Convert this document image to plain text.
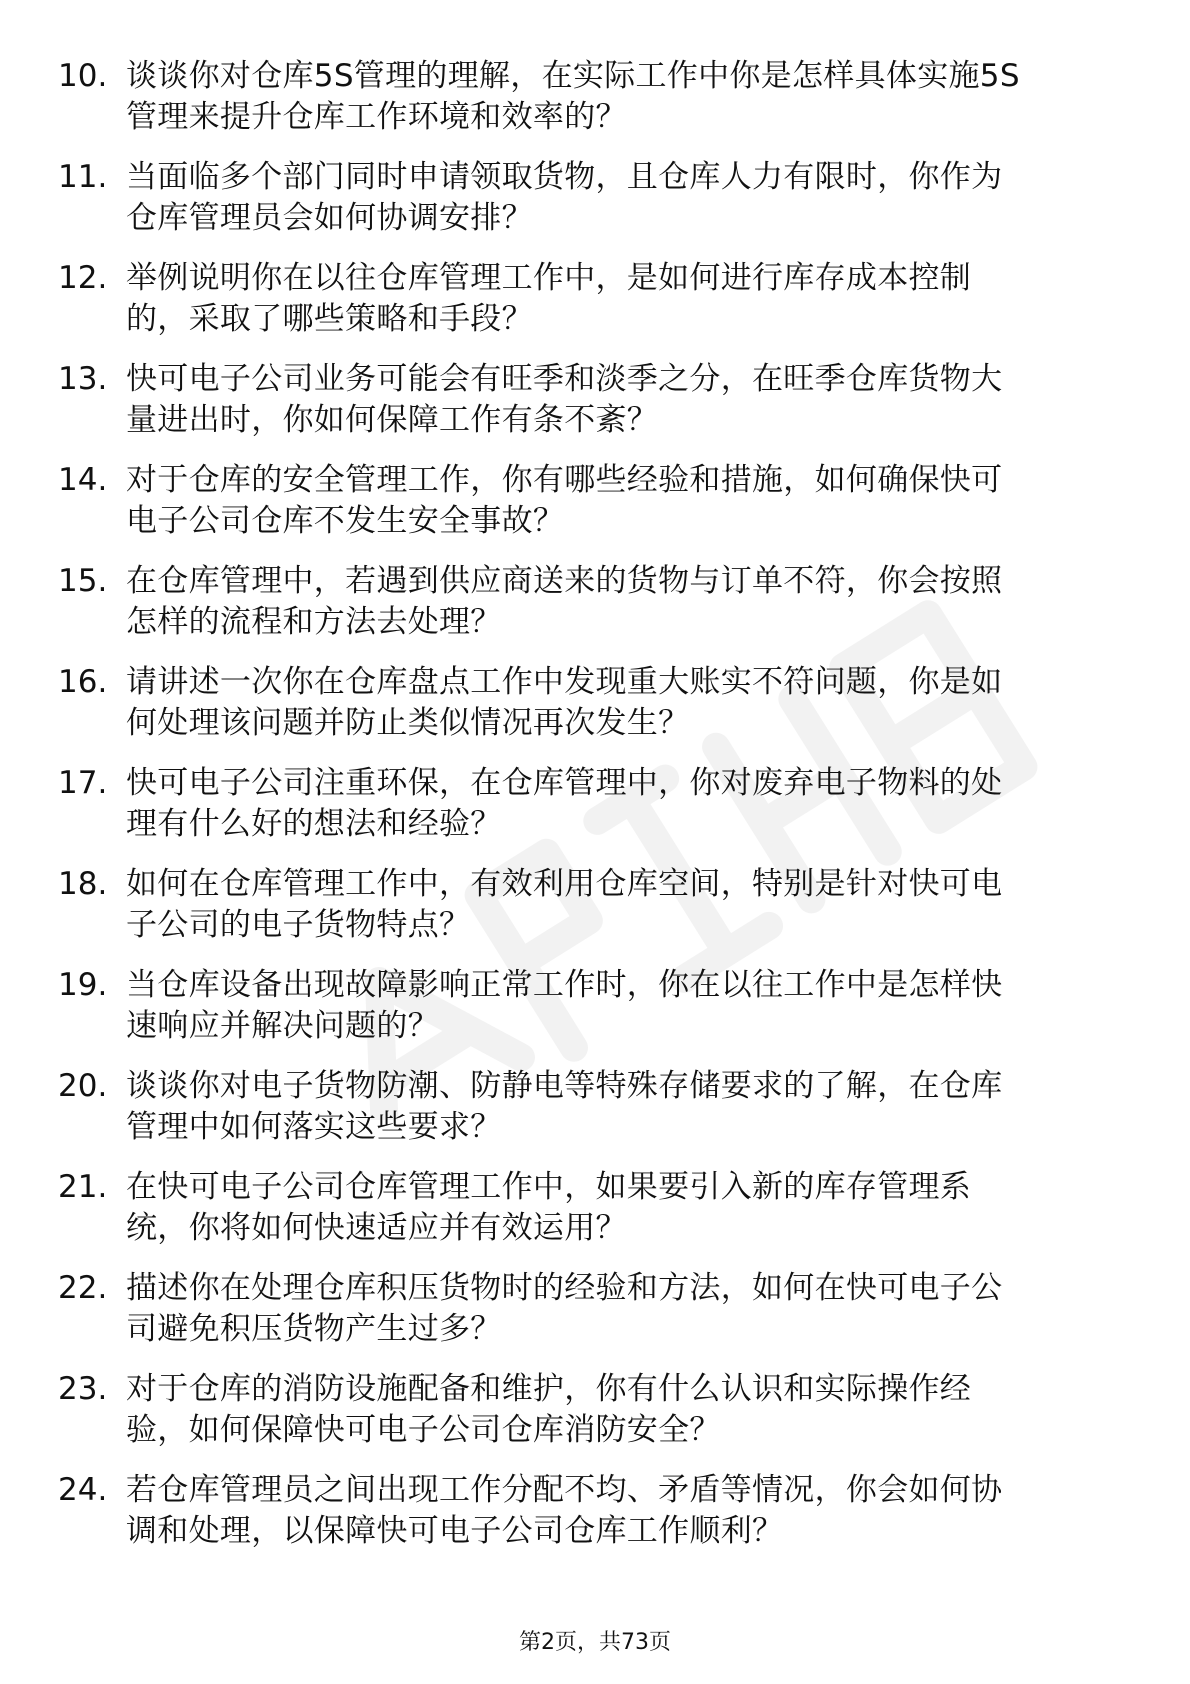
10. 谈谈你对仓库5S管理的理解，在实际工作中你是怎样具体实施5S
管理来提升仓库工作环境和效率的？
11. 当面临多个部门同时申请领取货物，且仓库人力有限时，你作为
仓库管理员会如何协调安排？
12. 举例说明你在以往仓库管理工作中，是如何进行库存成本控制
的，采取了哪些策略和手段？
13. 快可电子公司业务可能会有旺季和淡季之分，在旺季仓库货物大
量进出时，你如何保障工作有条不紊？
14. 对于仓库的安全管理工作，你有哪些经验和措施，如何确保快可
电子公司仓库不发生安全事故？
15. 在仓库管理中，若遇到供应商送来的货物与订单不符，你会按照
怎样的流程和方法去处理？
16. 请讲述一次你在仓库盘点工作中发现重大账实不符问题，你是如
何处理该问题并防止类似情况再次发生？
17. 快可电子公司注重环保，在仓库管理中，你对废弃电子物料的处
理有什么好的想法和经验？
18. 如何在仓库管理工作中，有效利用仓库空间，特别是针对快可电
子公司的电子货物特点？
19. 当仓库设备出现故障影响正常工作时，你在以往工作中是怎样快
速响应并解决问题的？
20. 谈谈你对电子货物防潮、防静电等特殊存储要求的了解，在仓库
管理中如何落实这些要求？
21. 在快可电子公司仓库管理工作中，如果要引入新的库存管理系
统，你将如何快速适应并有效运用？
22. 描述你在处理仓库积压货物时的经验和方法，如何在快可电子公
司避免积压货物产生过多？
23. 对于仓库的消防设施配备和维护，你有什么认识和实际操作经
验，如何保障快可电子公司仓库消防安全？
24. 若仓库管理员之间出现工作分配不均、矛盾等情况，你会如何协
调和处理，以保障快可电子公司仓库工作顺利？
第2页，共73页
